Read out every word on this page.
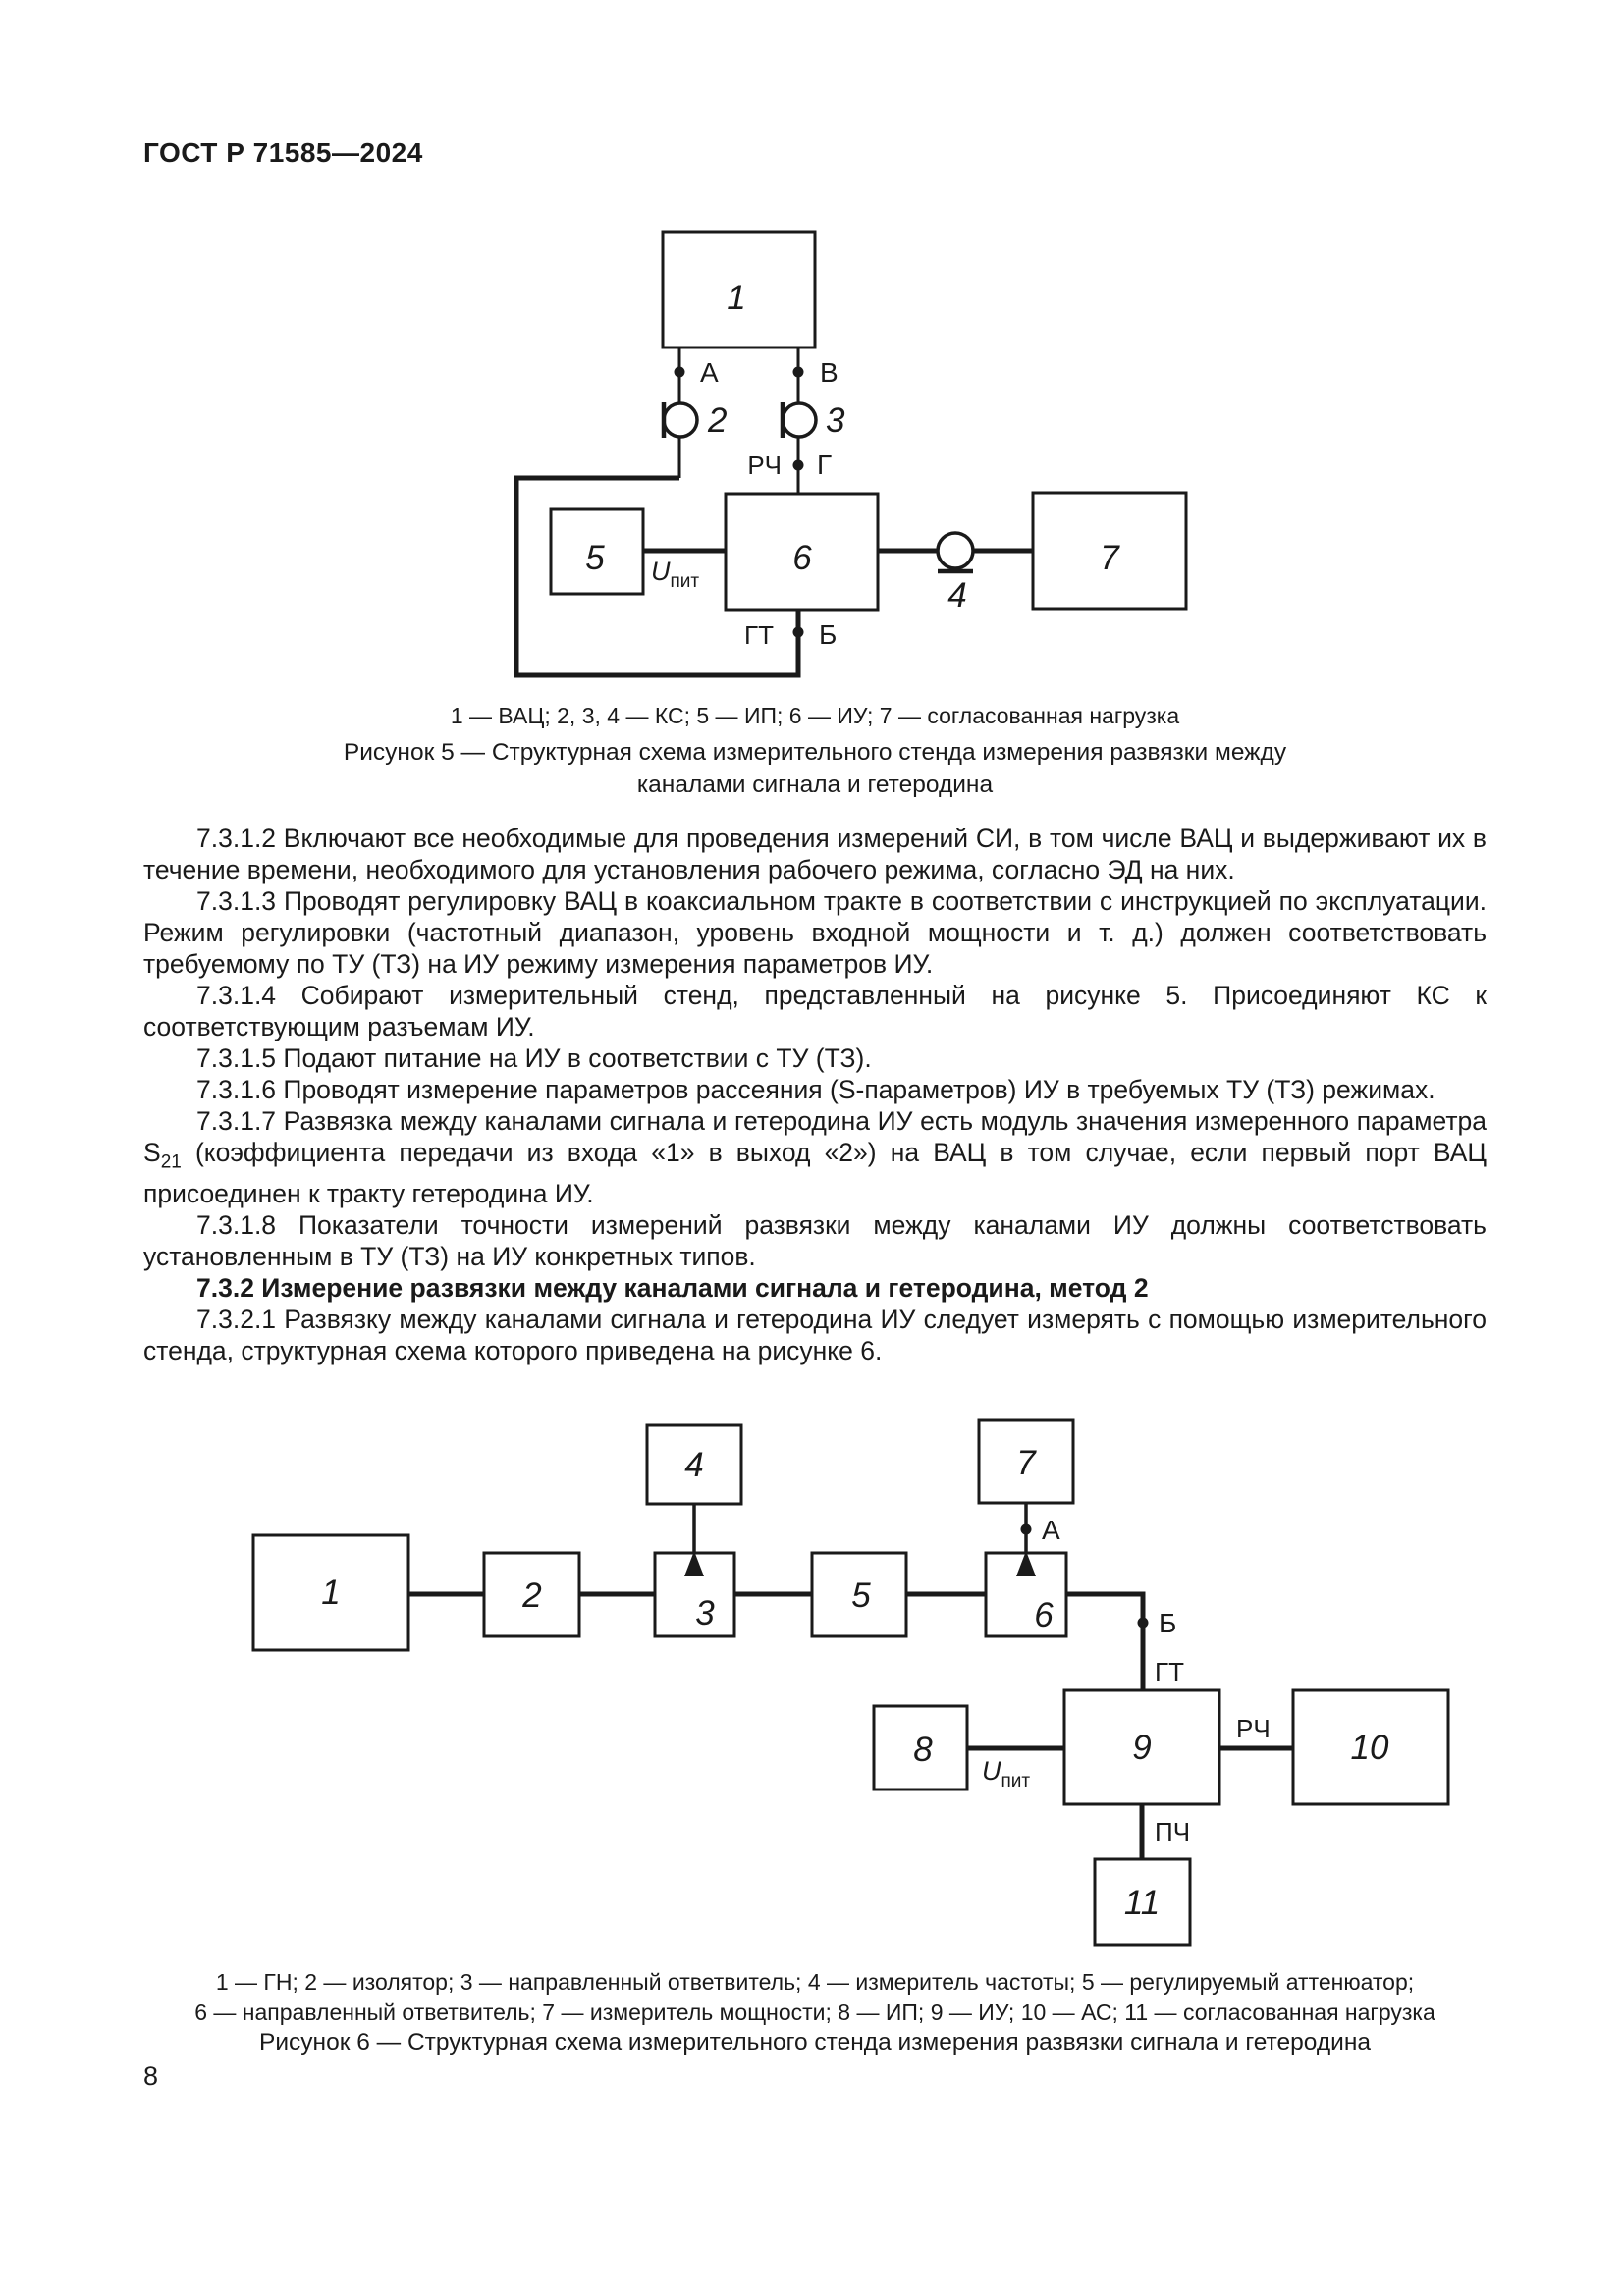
ГОСТ Р 71585—2024
1
2	3
4
5	6	7
А	В
РЧ Г
ГТ Б
Uпит
1 — ВАЦ; 2, 3, 4 — КС; 5 — ИП; 6 — ИУ; 7 — согласованная нагрузка
Рисунок 5 — Структурная схема измерительного стенда измерения развязки между
каналами сигнала и гетеродина

7.3.1.2 Включают все необходимые для проведения измерений СИ, в том числе ВАЦ и выдерживают их в течение времени, необходимого для установления рабочего режима, согласно ЭД на них.

7.3.1.3 Проводят регулировку ВАЦ в коаксиальном тракте в соответствии с инструкцией по эксплуатации. Режим регулировки (частотный диапазон, уровень входной мощности и т. д.) должен соответствовать требуемому по ТУ (ТЗ) на ИУ режиму измерения параметров ИУ.

7.3.1.4 Собирают измерительный стенд, представленный на рисунке 5. Присоединяют КС к соответствующим разъемам ИУ.

7.3.1.5 Подают питание на ИУ в соответствии с ТУ (ТЗ).

7.3.1.6 Проводят измерение параметров рассеяния (S-параметров) ИУ в требуемых ТУ (ТЗ) режимах.

7.3.1.7 Развязка между каналами сигнала и гетеродина ИУ есть модуль значения измеренного параметра $S_{21}$ (коэффициента передачи из входа «1» в выход «2») на ВАЦ в том случае, если первый порт ВАЦ присоединен к тракту гетеродина ИУ.

7.3.1.8 Показатели точности измерений развязки между каналами ИУ должны соответствовать установленным в ТУ (ТЗ) на ИУ конкретных типов.

7.3.2 Измерение развязки между каналами сигнала и гетеродина, метод 2

7.3.2.1 Развязку между каналами сигнала и гетеродина ИУ следует измерять с помощью измерительного стенда, структурная схема которого приведена на рисунке 6.

1	2	3
4
5
6
7
8	9	10
11
А
Б
ГТ
РЧ
ПЧ
Uпит
1 — ГН; 2 — изолятор; 3 — направленный ответвитель; 4 — измеритель частоты; 5 — регулируемый аттенюатор;
6 — направленный ответвитель; 7 — измеритель мощности; 8 — ИП; 9 — ИУ; 10 — АС; 11 — согласованная нагрузка
Рисунок 6 — Структурная схема измерительного стенда измерения развязки сигнала и гетеродина
8
